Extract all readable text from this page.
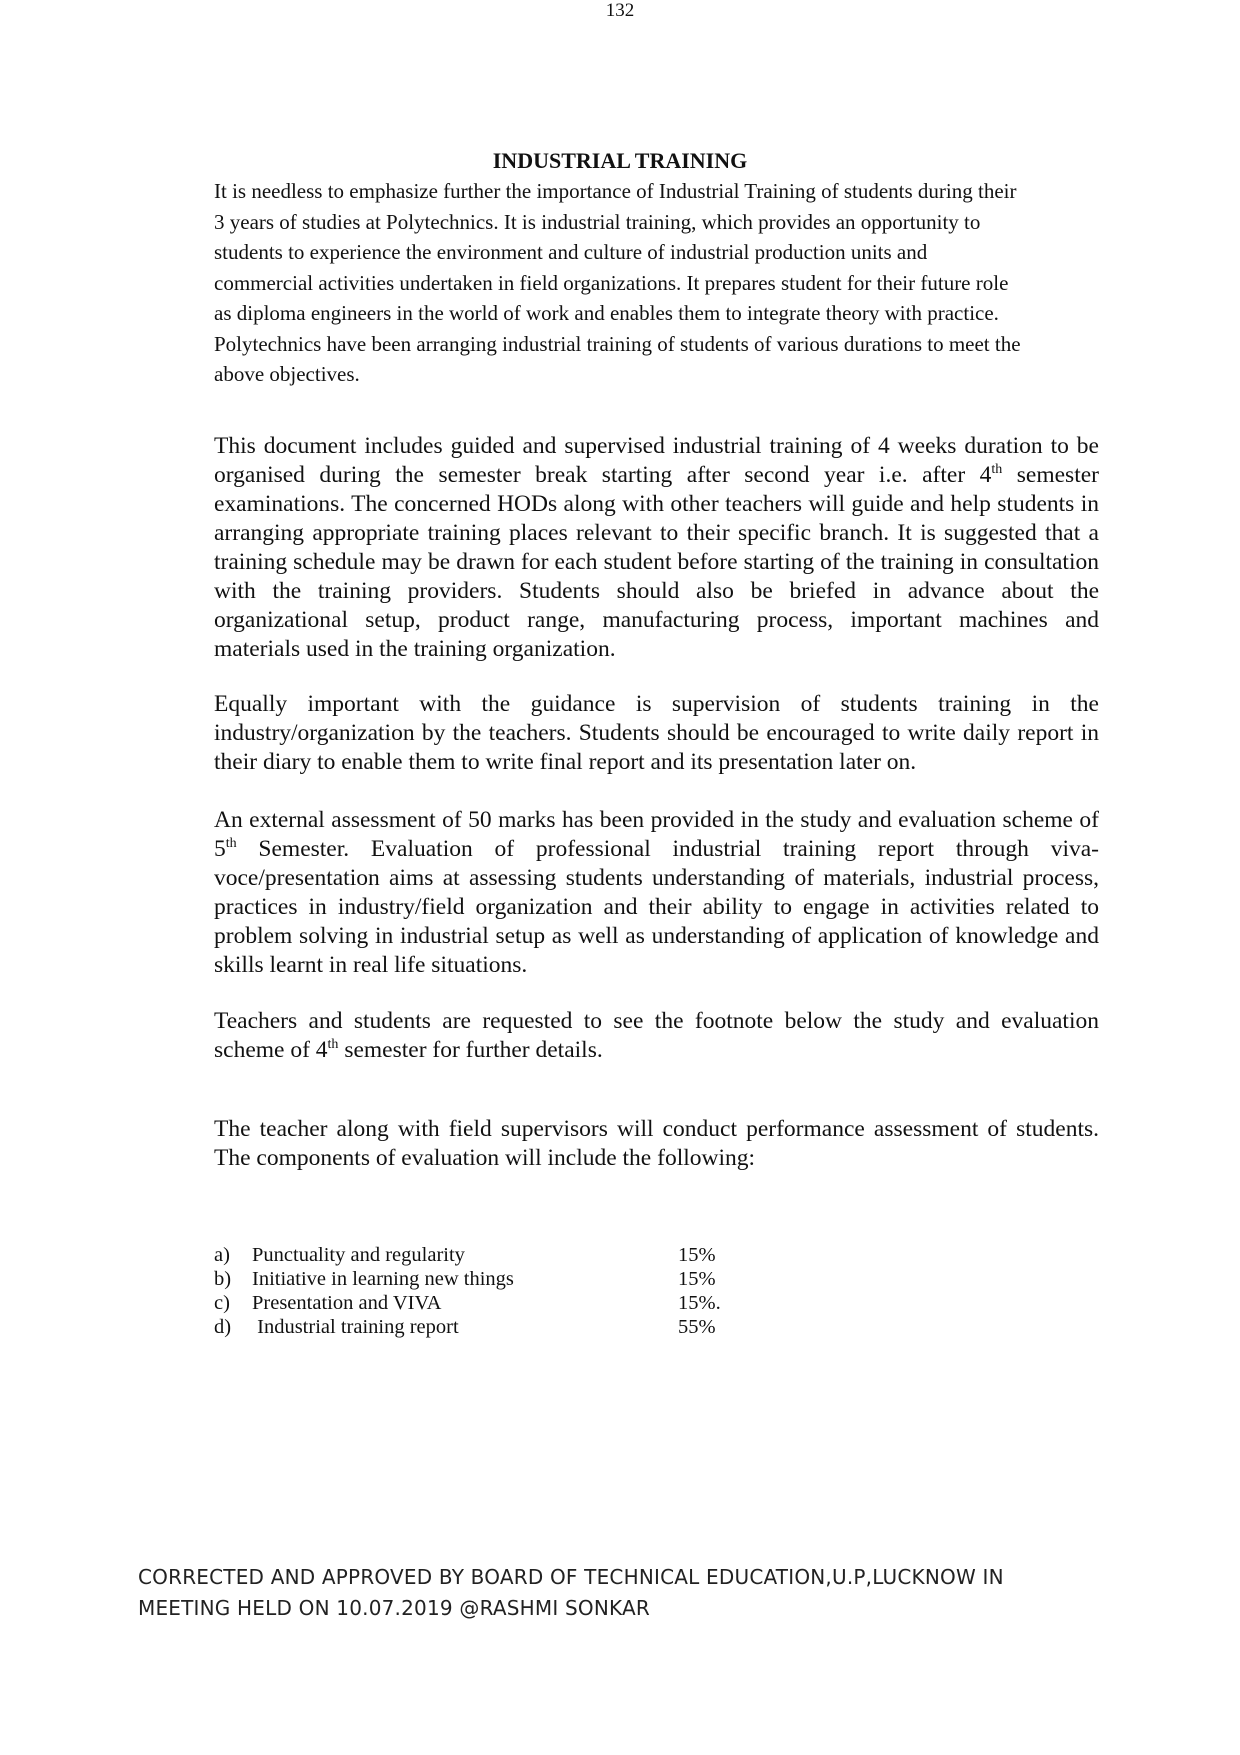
132
INDUSTRIAL TRAINING
It is needless to emphasize further the importance of Industrial Training of students during their
3 years of studies at Polytechnics. It is industrial training, which provides an opportunity to
students to experience the environment and culture of industrial production units and
commercial activities undertaken in field organizations. It prepares student for their future role
as diploma engineers in the world of work and enables them to integrate theory with practice.
Polytechnics have been arranging industrial training of students of various durations to meet the
above objectives.

This document includes guided and supervised industrial training of 4 weeks duration to be organised during the semester break starting after second year i.e. after 4th semester examinations. The concerned HODs along with other teachers will guide and help students in arranging appropriate training places relevant to their specific branch. It is suggested that a training schedule may be drawn for each student before starting of the training in consultation with the training providers. Students should also be briefed in advance about the organizational setup, product range, manufacturing process, important machines and materials used in the training organization.

Equally important with the guidance is supervision of students training in the industry/organization by the teachers. Students should be encouraged to write daily report in their diary to enable them to write final report and its presentation later on.

An external assessment of 50 marks has been provided in the study and evaluation scheme of 5th Semester. Evaluation of professional industrial training report through viva-voce/presentation aims at assessing students understanding of materials, industrial process, practices in industry/field organization and their ability to engage in activities related to problem solving in industrial setup as well as understanding of application of knowledge and skills learnt in real life situations.

Teachers and students are requested to see the footnote below the study and evaluation scheme of 4th semester for further details.

The teacher along with field supervisors will conduct performance assessment of students. The components of evaluation will include the following:

a)	Punctuality and regularity	15%
b)	Initiative in learning new things	15%
c)	Presentation and VIVA	15%.
d)	Industrial training report	55%
CORRECTED AND APPROVED BY BOARD OF TECHNICAL EDUCATION,U.P,LUCKNOW IN
MEETING HELD ON 10.07.2019 @RASHMI SONKAR
